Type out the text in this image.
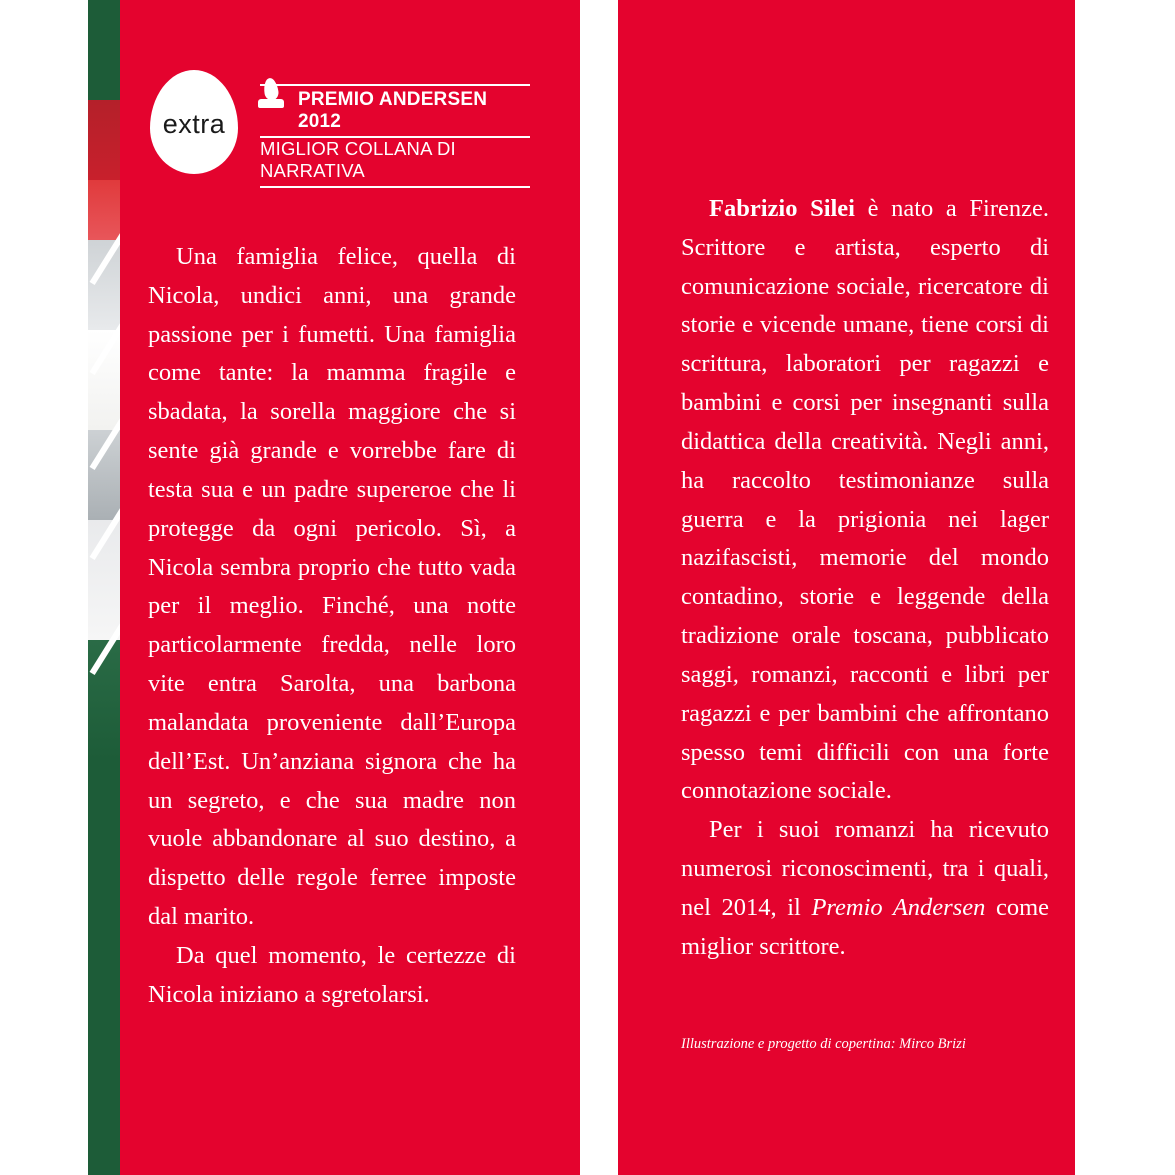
extra
PREMIO ANDERSEN 2012
MIGLIOR COLLANA DI NARRATIVA

Una famiglia felice, quella di Nicola, undici anni, una grande passione per i fumetti. Una famiglia come tante: la mamma fragile e sbadata, la sorella maggiore che si sente già grande e vorrebbe fare di testa sua e un padre supereroe che li protegge da ogni pericolo. Sì, a Nicola sembra proprio che tutto vada per il meglio. Finché, una notte particolarmente fredda, nelle loro vite entra Sarolta, una barbona malandata proveniente dall’Europa dell’Est. Un’anziana signora che ha un segreto, e che sua madre non vuole abbandonare al suo destino, a dispetto delle regole ferree imposte dal marito.

Da quel momento, le certezze di Nicola iniziano a sgretolarsi.

Fabrizio Silei è nato a Firenze. Scrittore e artista, esperto di comunicazione sociale, ricercatore di storie e vicende umane, tiene corsi di scrittura, laboratori per ragazzi e bambini e corsi per insegnanti sulla didattica della creatività. Negli anni, ha raccolto testimonianze sulla guerra e la prigionia nei lager nazifascisti, memorie del mondo contadino, storie e leggende della tradizione orale toscana, pubblicato saggi, romanzi, racconti e libri per ragazzi e per bambini che affrontano spesso temi difficili con una forte connotazione sociale.

Per i suoi romanzi ha ricevuto numerosi riconoscimenti, tra i quali, nel 2014, il Premio Andersen come miglior scrittore.

Illustrazione e progetto di copertina: Mirco Brizi
